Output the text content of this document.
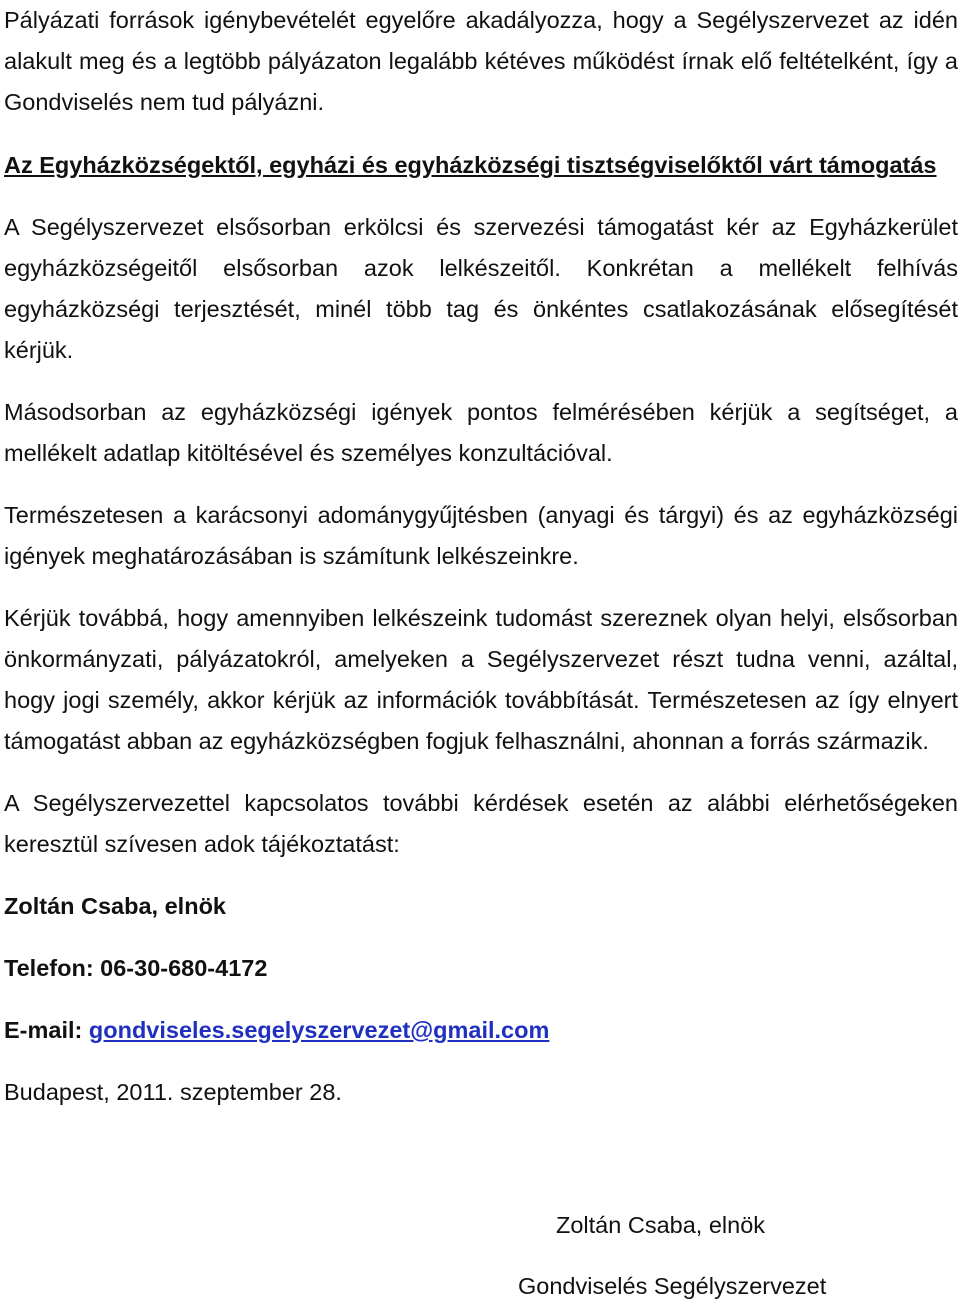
Pályázati források igénybevételét egyelőre akadályozza, hogy a Segélyszervezet az idén alakult meg és a legtöbb pályázaton legalább kétéves működést írnak elő feltételként, így a Gondviselés nem tud pályázni.

Az Egyházközségektől, egyházi és egyházközségi tisztségviselőktől várt támogatás

A Segélyszervezet elsősorban erkölcsi és szervezési támogatást kér az Egyházkerület egyházközségeitől elsősorban azok lelkészeitől. Konkrétan a mellékelt felhívás egyházközségi terjesztését, minél több tag és önkéntes csatlakozásának elősegítését kérjük.

Másodsorban az egyházközségi igények pontos felmérésében kérjük a segítséget, a mellékelt adatlap kitöltésével és személyes konzultációval.

Természetesen a karácsonyi adománygyűjtésben (anyagi és tárgyi) és az egyházközségi igények meghatározásában is számítunk lelkészeinkre.

Kérjük továbbá, hogy amennyiben lelkészeink tudomást szereznek olyan helyi, elsősorban önkormányzati, pályázatokról, amelyeken a Segélyszervezet részt tudna venni, azáltal, hogy jogi személy, akkor kérjük az információk továbbítását. Természetesen az így elnyert támogatást abban az egyházközségben fogjuk felhasználni, ahonnan a forrás származik.

A Segélyszervezettel kapcsolatos további kérdések esetén az alábbi elérhetőségeken keresztül szívesen adok tájékoztatást:

Zoltán Csaba, elnök

Telefon: 06-30-680-4172

E-mail: gondviseles.segelyszervezet@gmail.com

Budapest, 2011. szeptember 28.

Zoltán Csaba, elnök
Gondviselés Segélyszervezet
